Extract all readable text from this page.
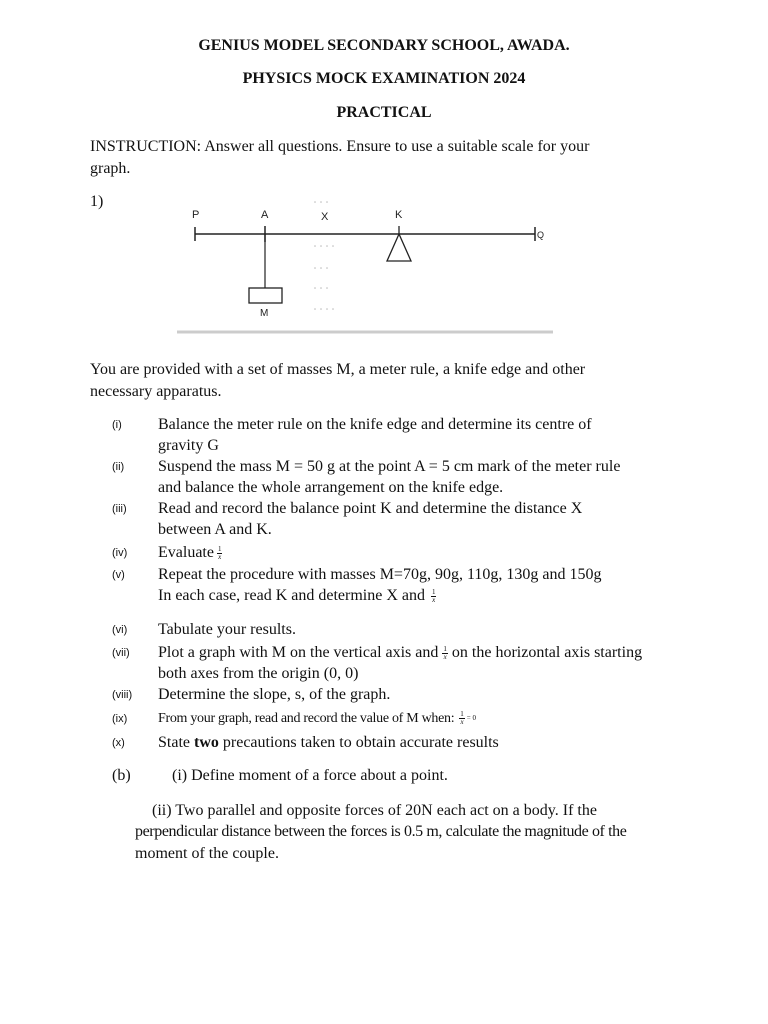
GENIUS MODEL SECONDARY SCHOOL, AWADA.
PHYSICS MOCK EXAMINATION 2024
PRACTICAL
INSTRUCTION: Answer all questions. Ensure to use a suitable scale for your
graph.
1)
P	A	X	K
Q
M
You are provided with a set of masses M, a meter rule, a knife edge and other
necessary apparatus.
(i) Balance the meter rule on the knife edge and determine its centre of
gravity G
(ii) Suspend the mass M = 50 g at the point A = 5 cm mark of the meter rule
and balance the whole arrangement on the knife edge.
(iii) Read and record the balance point K and determine the distance X
between A and K.
(iv) Evaluate $\frac{1}{x}$
(v) Repeat the procedure with masses M=70g, 90g, 110g, 130g and 150g
In each case, read K and determine X and $\frac{1}{x}$
(vi) Tabulate your results.
(vii) Plot a graph with M on the vertical axis and $\frac{1}{x}$ on the horizontal axis starting
both axes from the origin (0, 0)
(viii) Determine the slope, s, of the graph.
(ix) From your graph, read and record the value of M when: $\frac{1}{x} = 0$
(x) State two precautions taken to obtain accurate results
(b)	(i) Define moment of a force about a point.
(ii) Two parallel and opposite forces of 20N each act on a body. If the
perpendicular distance between the forces is 0.5 m, calculate the magnitude of the
moment of the couple.
